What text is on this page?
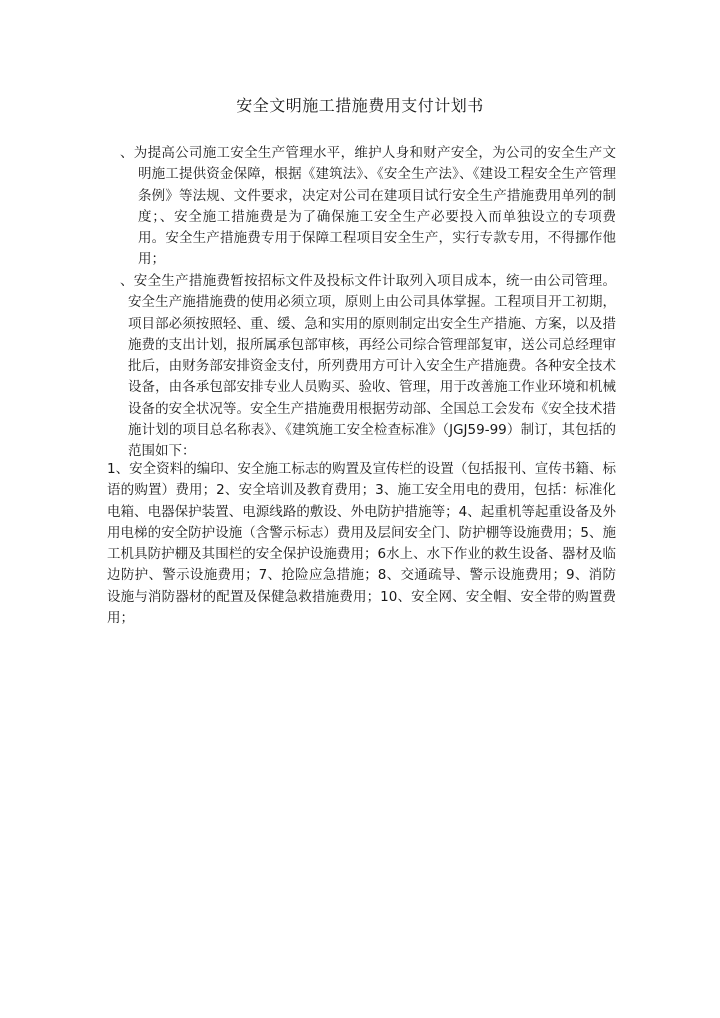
安全文明施工措施费用支付计划书

、为提高公司施工安全生产管理水平，维护人身和财产安全，为公司的安全生产文明施工提供资金保障，根据《建筑法》、《安全生产法》、《建设工程安全生产管理条例》等法规、文件要求，决定对公司在建项目试行安全生产措施费用单列的制度；、安全施工措施费是为了确保施工安全生产必要投入而单独设立的专项费用。安全生产措施费专用于保障工程项目安全生产，实行专款专用，不得挪作他用；

、安全生产措施费暂按招标文件及投标文件计取列入项目成本，统一由公司管理。安全生产施措施费的使用必须立项，原则上由公司具体掌握。工程项目开工初期，项目部必须按照轻、重、缓、急和实用的原则制定出安全生产措施、方案，以及措施费的支出计划，报所属承包部审核，再经公司综合管理部复审，送公司总经理审批后，由财务部安排资金支付，所列费用方可计入安全生产措施费。各种安全技术设备，由各承包部安排专业人员购买、验收、管理，用于改善施工作业环境和机械设备的安全状况等。安全生产措施费用根据劳动部、全国总工会发布《安全技术措施计划的项目总名称表》、《建筑施工安全检查标准》（JGJ59-99）制订，其包括的范围如下：

1、安全资料的编印、安全施工标志的购置及宣传栏的设置（包括报刊、宣传书籍、标语的购置）费用；2、安全培训及教育费用；3、施工安全用电的费用，包括：标准化电箱、电器保护装置、电源线路的敷设、外电防护措施等；4、起重机等起重设备及外用电梯的安全防护设施（含警示标志）费用及层间安全门、防护棚等设施费用；5、施工机具防护棚及其围栏的安全保护设施费用；6水上、水下作业的救生设备、器材及临边防护、警示设施费用；7、抢险应急措施；8、交通疏导、警示设施费用；9、消防设施与消防器材的配置及保健急救措施费用；10、安全网、安全帽、安全带的购置费用；
